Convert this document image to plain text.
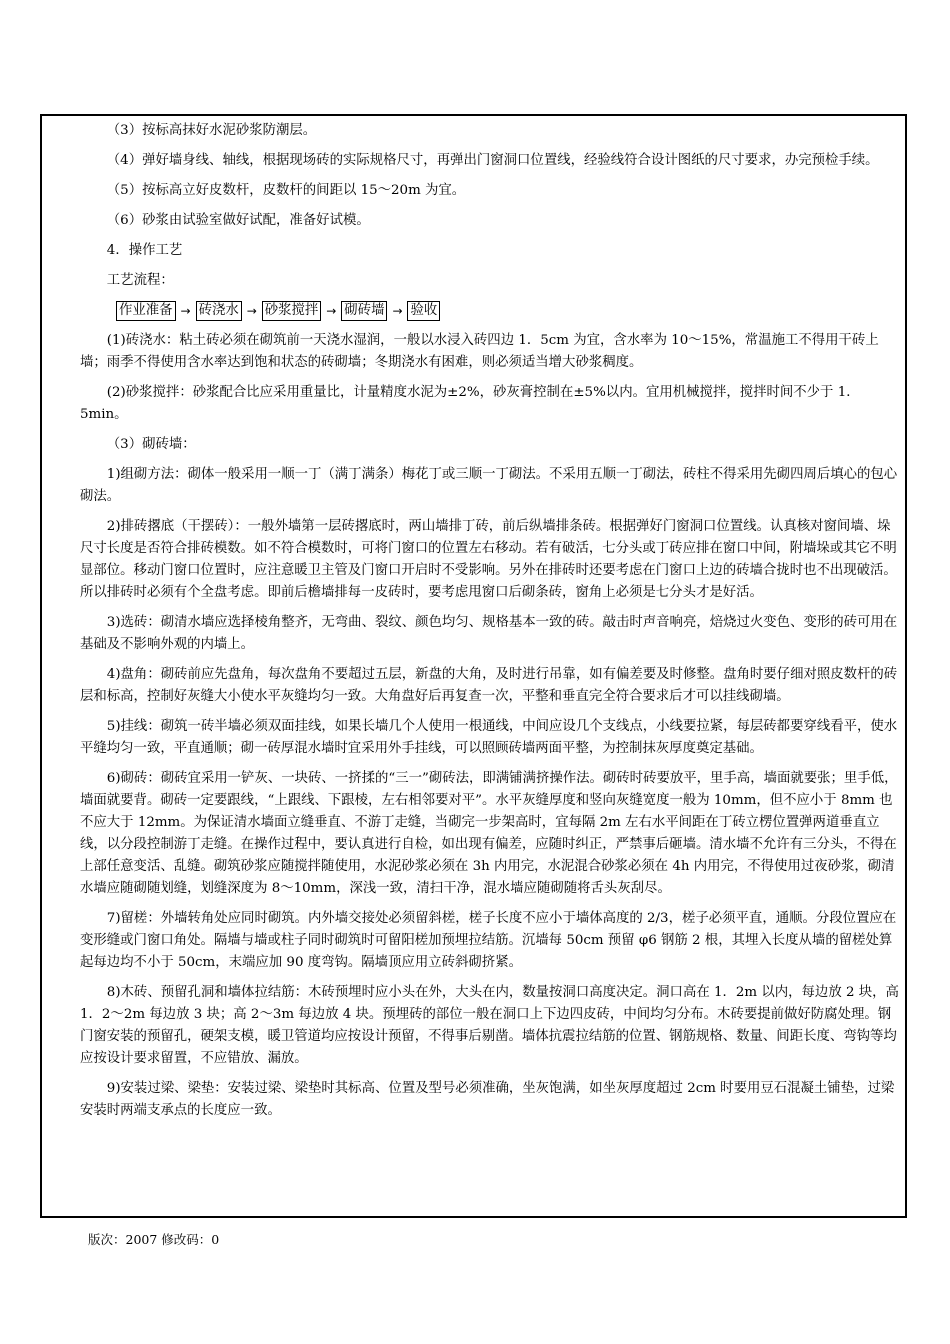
（3）按标高抹好水泥砂浆防潮层。

（4）弹好墙身线、轴线，根据现场砖的实际规格尺寸，再弹出门窗洞口位置线，经验线符合设计图纸的尺寸要求，办完预检手续。

（5）按标高立好皮数杆，皮数杆的间距以 15～20m 为宜。

（6）砂浆由试验室做好试配，准备好试模。

4．操作工艺

工艺流程：

作业准备 → 砖浇水 → 砂浆搅拌 → 砌砖墙 → 验收

(1)砖浇水：粘土砖必须在砌筑前一天浇水湿润，一般以水浸入砖四边 1．5cm 为宜，含水率为 10～15%，常温施工不得用干砖上墙；雨季不得使用含水率达到饱和状态的砖砌墙；冬期浇水有困难，则必须适当增大砂浆稠度。

(2)砂浆搅拌：砂浆配合比应采用重量比，计量精度水泥为±2%，砂灰膏控制在±5%以内。宜用机械搅拌，搅拌时间不少于 1．5min。

（3）砌砖墙：

1)组砌方法：砌体一般采用一顺一丁（满丁满条）梅花丁或三顺一丁砌法。不采用五顺一丁砌法，砖柱不得采用先砌四周后填心的包心砌法。

2)排砖撂底（干摆砖）：一般外墙第一层砖撂底时，两山墙排丁砖，前后纵墙排条砖。根据弹好门窗洞口位置线。认真核对窗间墙、垛尺寸长度是否符合排砖模数。如不符合模数时，可将门窗口的位置左右移动。若有破活，七分头或丁砖应排在窗口中间，附墙垛或其它不明显部位。移动门窗口位置时，应注意暖卫主管及门窗口开启时不受影响。另外在排砖时还要考虑在门窗口上边的砖墙合拢时也不出现破活。所以排砖时必须有个全盘考虑。即前后檐墙排每一皮砖时，要考虑甩窗口后砌条砖，窗角上必须是七分头才是好活。

3)选砖：砌清水墙应选择棱角整齐，无弯曲、裂纹、颜色均匀、规格基本一致的砖。敲击时声音响亮，焙烧过火变色、变形的砖可用在基础及不影响外观的内墙上。

4)盘角：砌砖前应先盘角，每次盘角不要超过五层，新盘的大角，及时进行吊靠，如有偏差要及时修整。盘角时要仔细对照皮数杆的砖层和标高，控制好灰缝大小使水平灰缝均匀一致。大角盘好后再复查一次，平整和垂直完全符合要求后才可以挂线砌墙。

5)挂线：砌筑一砖半墙必须双面挂线，如果长墙几个人使用一根通线，中间应设几个支线点，小线要拉紧，每层砖都要穿线看平，使水平缝均匀一致，平直通顺；砌一砖厚混水墙时宜采用外手挂线，可以照顾砖墙两面平整，为控制抹灰厚度奠定基础。

6)砌砖：砌砖宜采用一铲灰、一块砖、一挤揉的“三一”砌砖法，即满铺满挤操作法。砌砖时砖要放平，里手高，墙面就要张；里手低，墙面就要背。砌砖一定要跟线，“上跟线、下跟棱，左右相邻要对平”。水平灰缝厚度和竖向灰缝宽度一般为 10mm，但不应小于 8mm 也不应大于 12mm。为保证清水墙面立缝垂直、不游丁走缝，当砌完一步架高时，宜每隔 2m 左右水平间距在丁砖立楞位置弹两道垂直立线，以分段控制游丁走缝。在操作过程中，要认真进行自检，如出现有偏差，应随时纠正，严禁事后砸墙。清水墙不允许有三分头，不得在上部任意变活、乱缝。砌筑砂浆应随搅拌随使用，水泥砂浆必须在 3h 内用完，水泥混合砂浆必须在 4h 内用完，不得使用过夜砂浆，砌清水墙应随砌随划缝，划缝深度为 8～10mm，深浅一致，清扫干净，混水墙应随砌随将舌头灰刮尽。

7)留槎：外墙转角处应同时砌筑。内外墙交接处必须留斜槎，槎子长度不应小于墙体高度的 2/3，槎子必须平直，通顺。分段位置应在变形缝或门窗口角处。隔墙与墙或柱子同时砌筑时可留阳槎加预埋拉结筋。沉墙每 50cm 预留 φ6 钢筋 2 根，其埋入长度从墙的留槎处算起每边均不小于 50cm，末端应加 90 度弯钩。隔墙顶应用立砖斜砌挤紧。

8)木砖、预留孔洞和墙体拉结筋：木砖预埋时应小头在外，大头在内，数量按洞口高度决定。洞口高在 1．2m 以内，每边放 2 块，高 1．2～2m 每边放 3 块；高 2～3m 每边放 4 块。预埋砖的部位一般在洞口上下边四皮砖，中间均匀分布。木砖要提前做好防腐处理。钢门窗安装的预留孔，硬架支模，暖卫管道均应按设计预留，不得事后剔凿。墙体抗震拉结筋的位置、钢筋规格、数量、间距长度、弯钩等均应按设计要求留置，不应错放、漏放。

9)安装过梁、梁垫：安装过梁、梁垫时其标高、位置及型号必须准确，坐灰饱满，如坐灰厚度超过 2cm 时要用豆石混凝土铺垫，过梁安装时两端支承点的长度应一致。

版次：2007 修改码：0
